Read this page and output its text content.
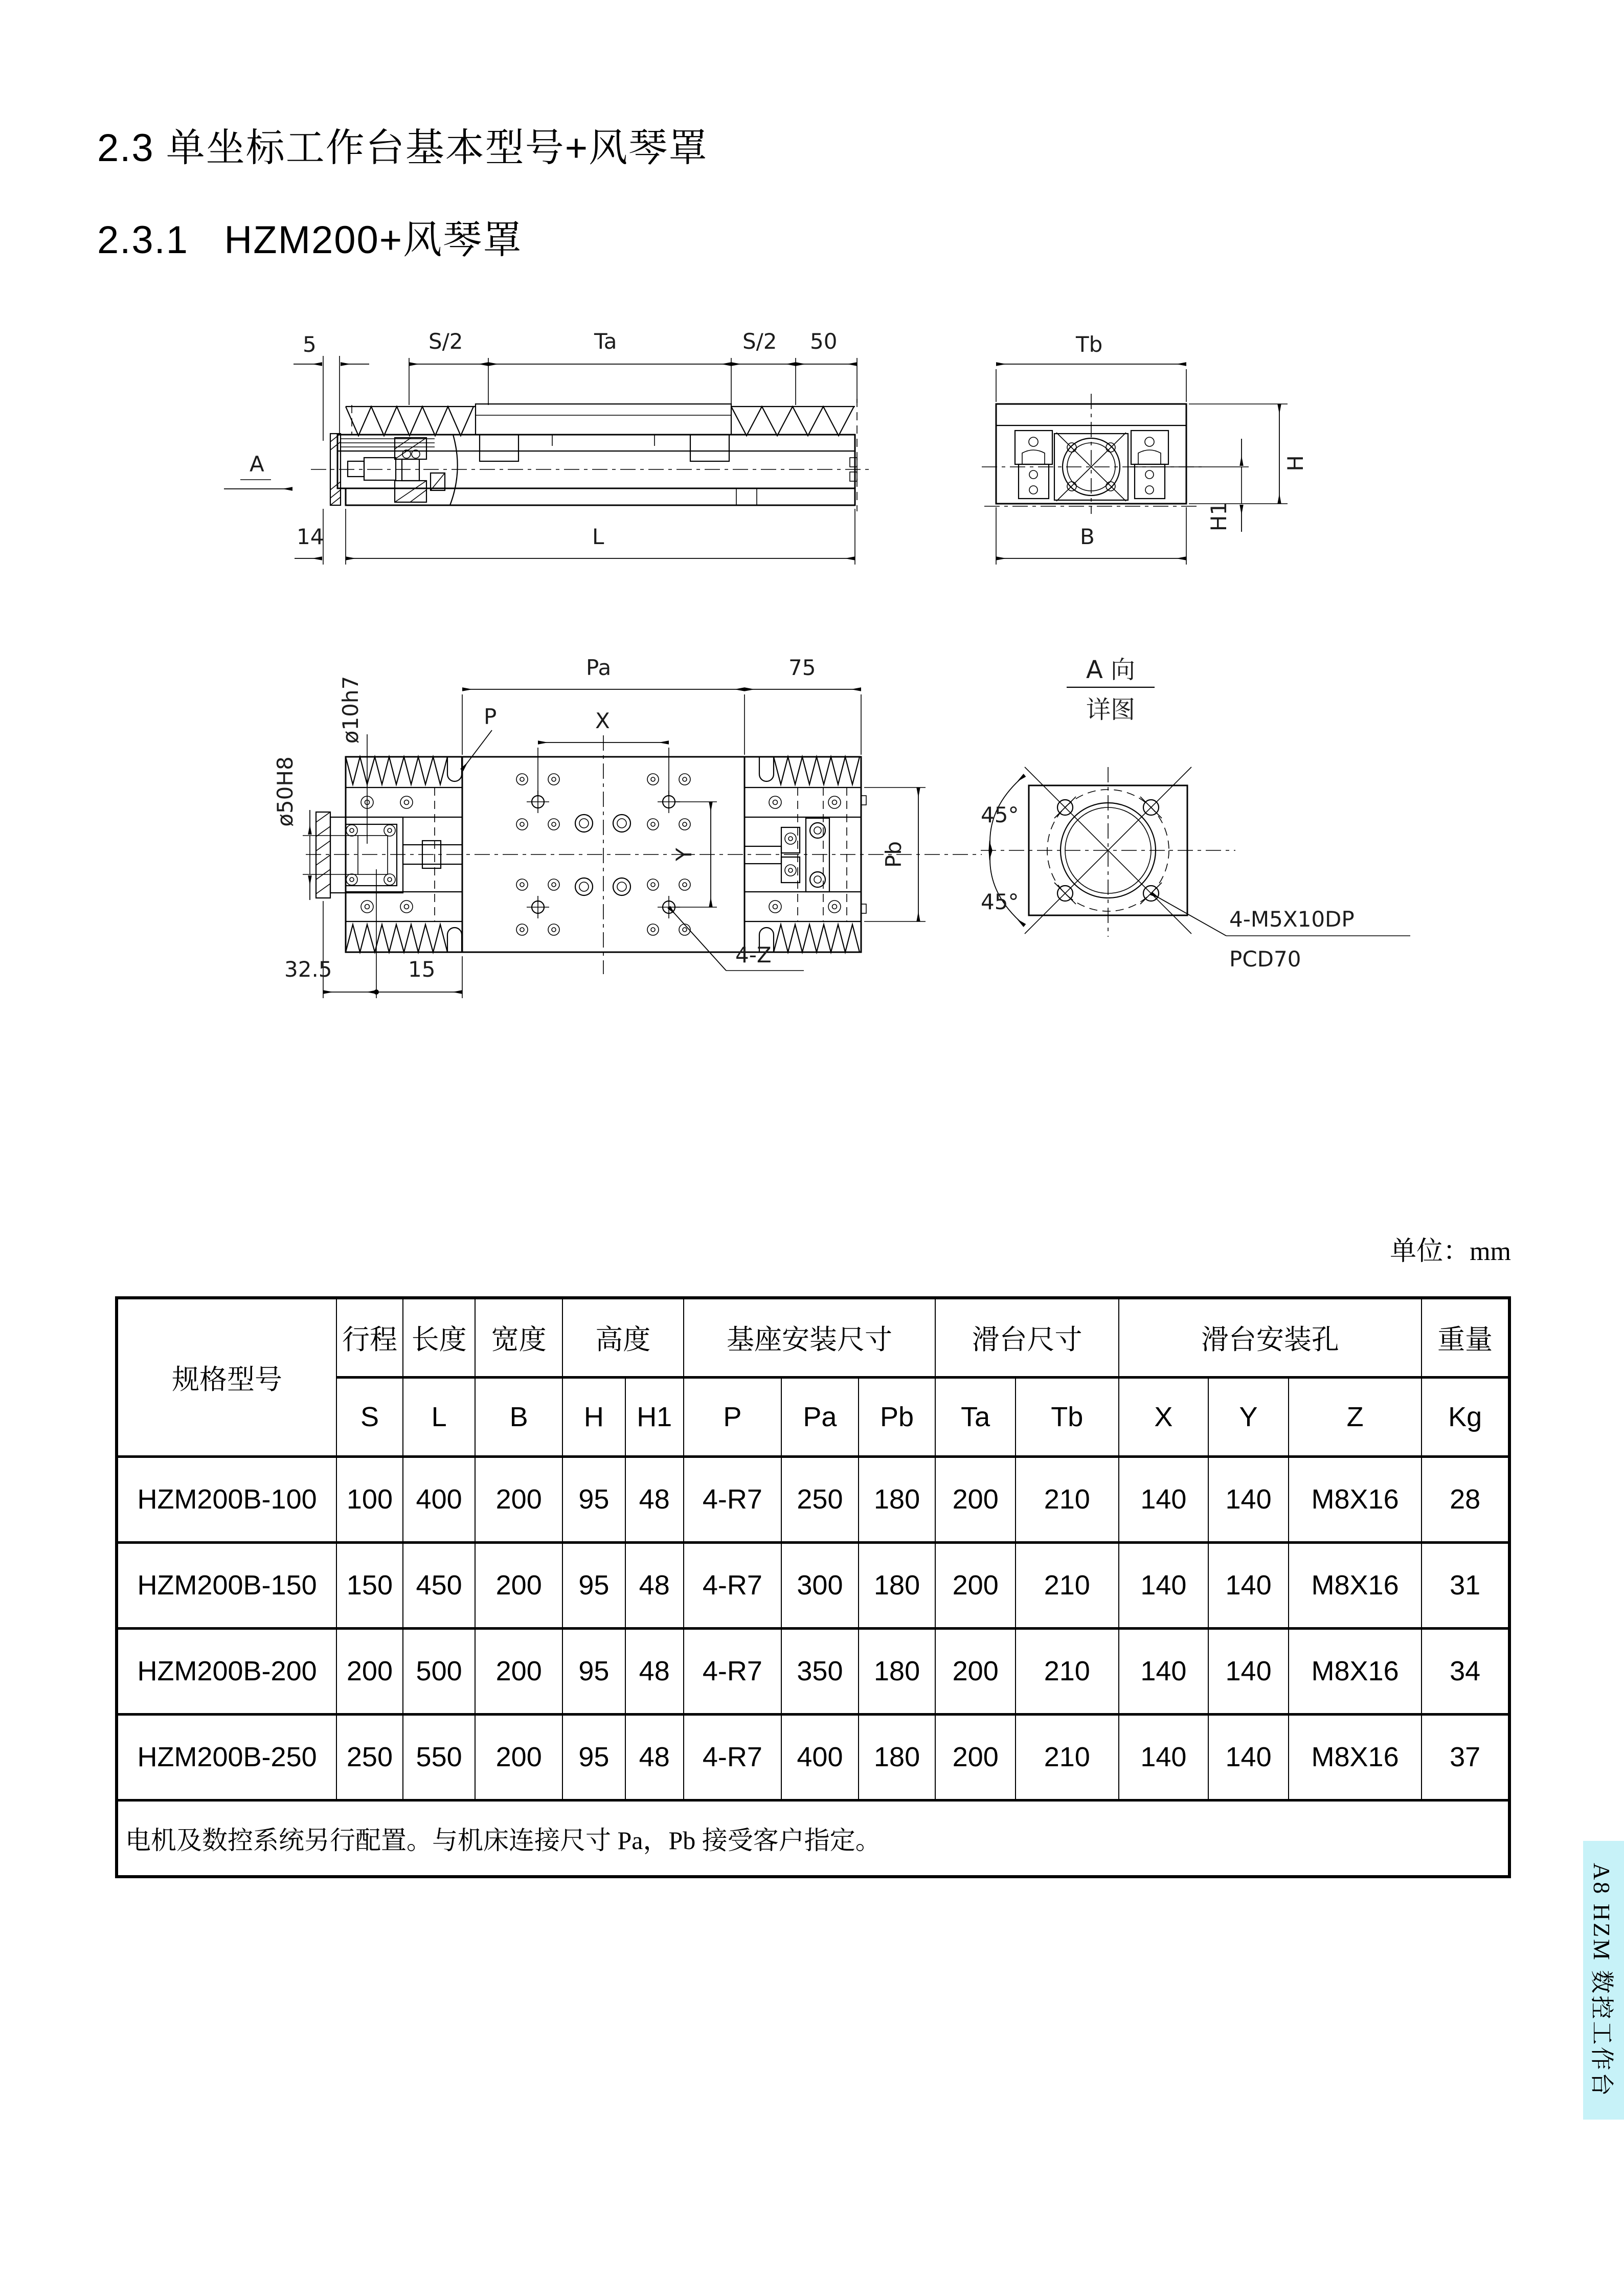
2.3 单坐标工作台基本型号+风琴罩
2.3.1   HZM200+风琴罩
5	S/2	Ta	S/2 50
A
14	L
Tb
H
H1
B
Pa	75
X
P
Y	Pb
ø10h7
ø50H8
32.5	15
4-Z
A 向
详图
45°
45°
4-M5X10DP
PCD70
单位：mm
规格型号	行程	长度	宽度	高度		基座安装尺寸			滑台尺寸		滑台安装孔			重量
	S	L	B	H	H1	P	Pa	Pb	Ta	Tb	X	Y	Z	Kg
HZM200B-100	100	400	200	95	48	4-R7	250	180	200	210	140	140	M8X16	28
HZM200B-150	150	450	200	95	48	4-R7	300	180	200	210	140	140	M8X16	31
HZM200B-200	200	500	200	95	48	4-R7	350	180	200	210	140	140	M8X16	34
HZM200B-250	250	550	200	95	48	4-R7	400	180	200	210	140	140	M8X16	37
电机及数控系统另行配置。与机床连接尺寸 Pa，Pb 接受客户指定。														
A8 HZM 数控工作台
